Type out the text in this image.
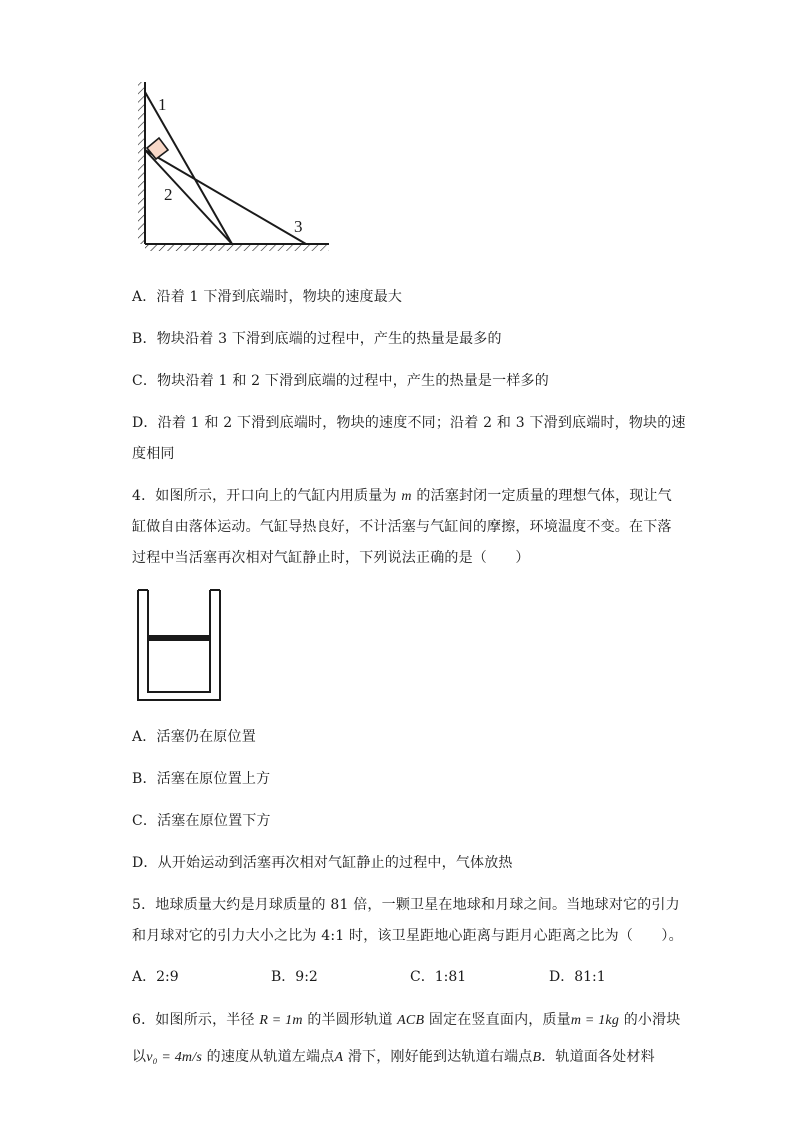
1
2
3
A．沿着 1 下滑到底端时，物块的速度最大
B．物块沿着 3 下滑到底端的过程中，产生的热量是最多的
C．物块沿着 1 和 2 下滑到底端的过程中，产生的热量是一样多的
D．沿着 1 和 2 下滑到底端时，物块的速度不同；沿着 2 和 3 下滑到底端时，物块的速
度相同
4．如图所示，开口向上的气缸内用质量为 m 的活塞封闭一定质量的理想气体，现让气
缸做自由落体运动。气缸导热良好，不计活塞与气缸间的摩擦，环境温度不变。在下落
过程中当活塞再次相对气缸静止时，下列说法正确的是（　　）
A．活塞仍在原位置
B．活塞在原位置上方
C．活塞在原位置下方
D．从开始运动到活塞再次相对气缸静止的过程中，气体放热
5．地球质量大约是月球质量的 81 倍，一颗卫星在地球和月球之间。当地球对它的引力
和月球对它的引力大小之比为 4:1 时，该卫星距地心距离与距月心距离之比为（　　）。
A．2:9	B．9:2	C．1:81	D．81:1
6．如图所示，半径 R = 1m 的半圆形轨道 ACB 固定在竖直面内，质量m = 1kg 的小滑块
以v₀ = 4m/s 的速度从轨道左端点A 滑下，刚好能到达轨道右端点B．轨道面各处材料
